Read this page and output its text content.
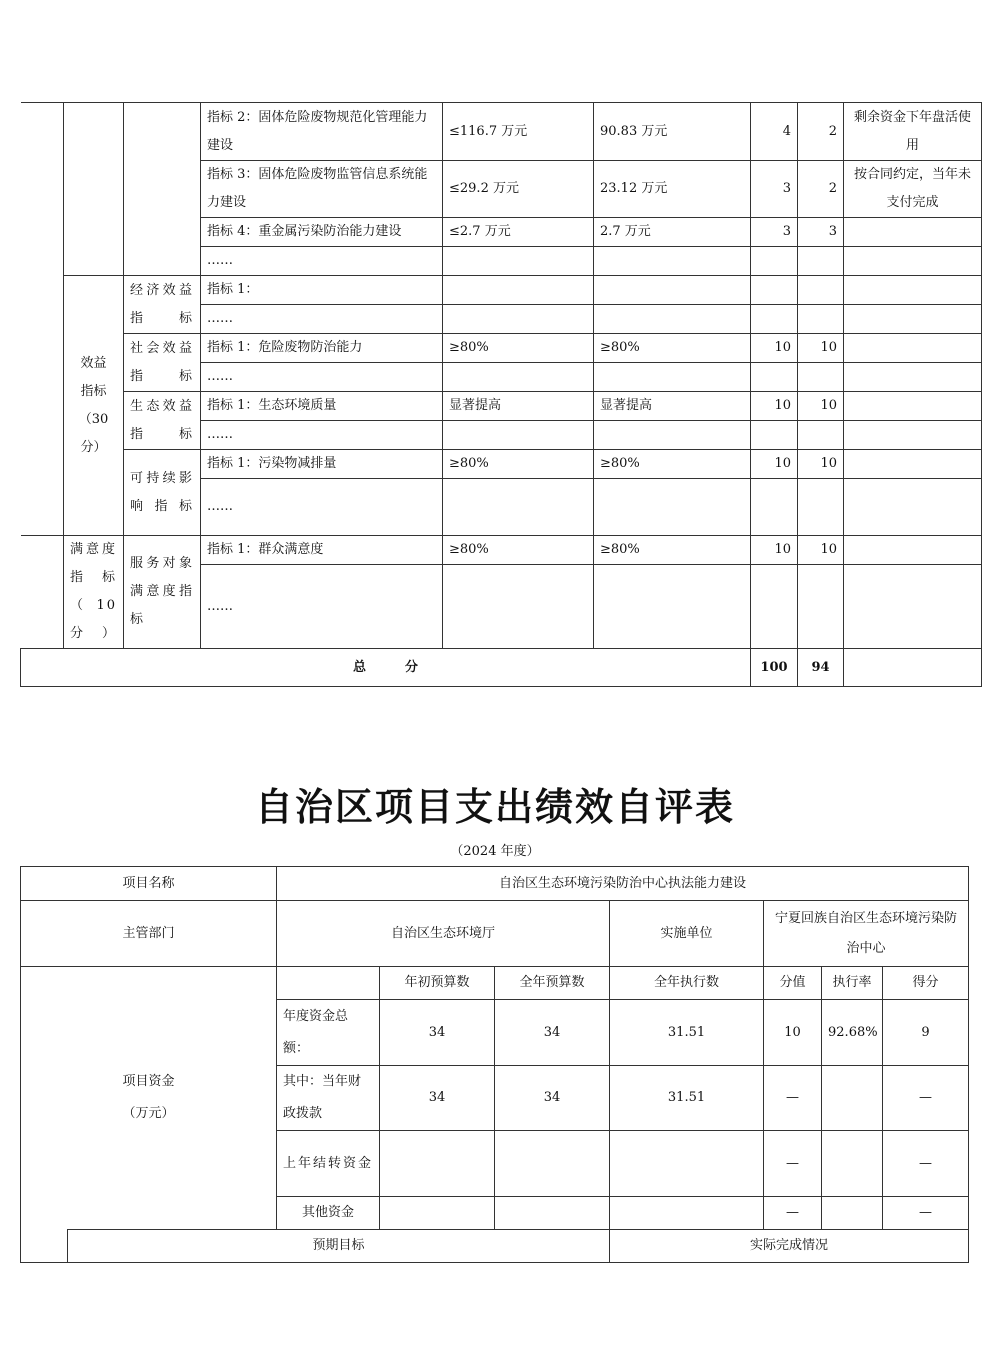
			指标 2：固体危险废物规范化管理能力建设	≤116.7 万元	90.83 万元	4	2	剩余资金下年盘活使用
			指标 3：固体危险废物监管信息系统能力建设	≤29.2 万元	23.12 万元	3	2	按合同约定，当年未支付完成
			指标 4：重金属污染防治能力建设	≤2.7 万元	2.7 万元	3	3	
			……					
	效益指标（30分）	经济效益指标	指标 1：					
			……					
		社会效益指标	指标 1：危险废物防治能力	≥80%	≥80%	10	10	
			……					
		生态效益指标	指标 1：生态环境质量	显著提高	显著提高	10	10	
			……					
		可持续影响指标	指标 1：污染物减排量	≥80%	≥80%	10	10	
			……					
	满意度指标（10分）	服务对象满意度指标	指标 1：群众满意度	≥80%	≥80%	10	10	
			……					
总　　　分						100	94	
自治区项目支出绩效自评表
（2024 年度）
项目名称		自治区生态环境污染防治中心执法能力建设						
主管部门		自治区生态环境厅			实施单位	宁夏回族自治区生态环境污染防治中心		

项目资金
（万元）			年初预算数	全年预算数	全年执行数	分值	执行率	得分
		年度资金总额：	34	34	31.51	10	92.68%	9
		其中：当年财政拨款	34	34	31.51	—		—
		上年结转资金				—		—
		其他资金				—		—
	预期目标				实际完成情况			
